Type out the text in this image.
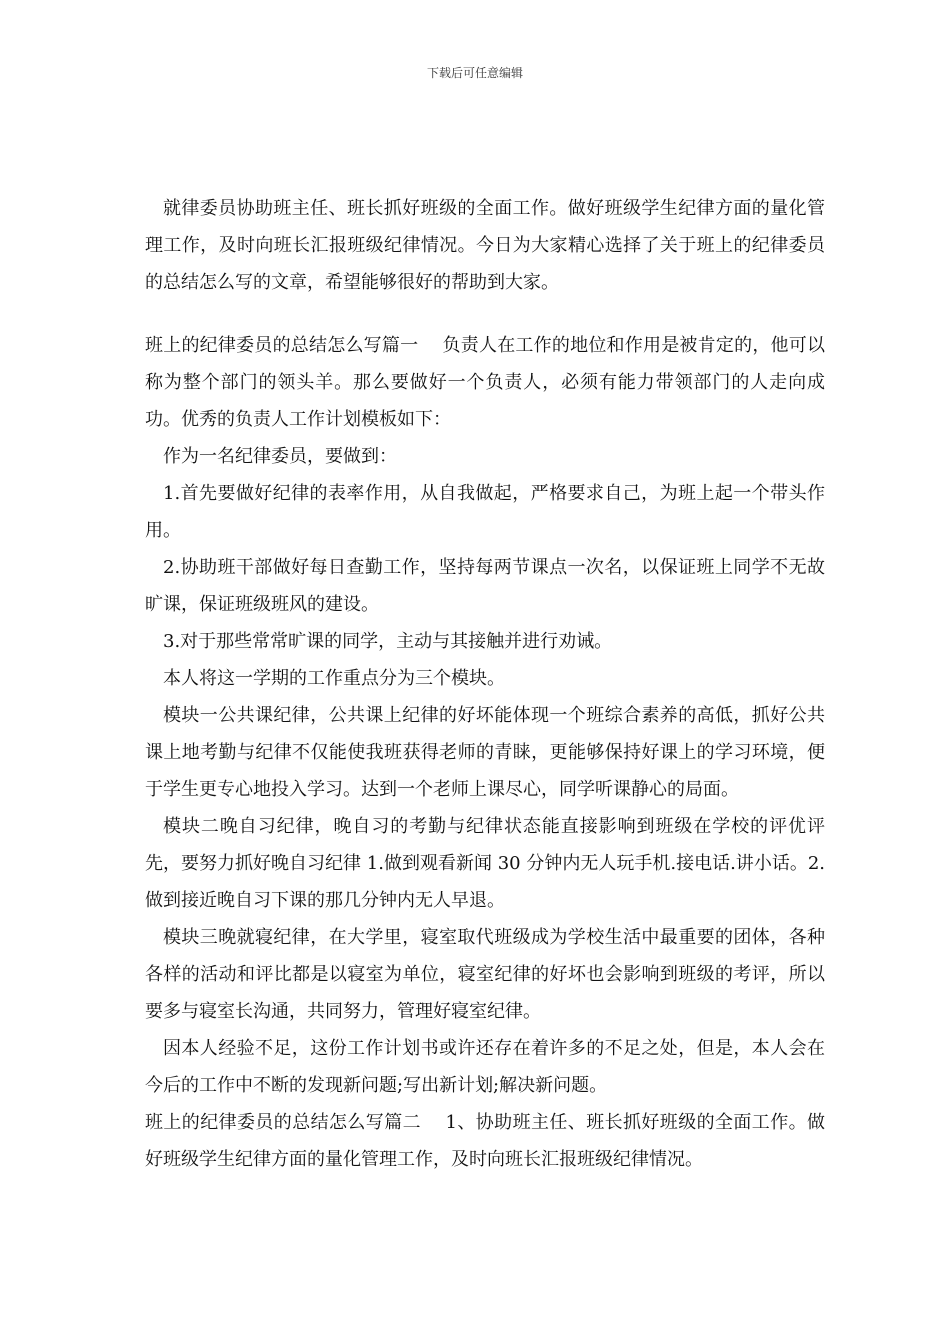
下载后可任意编辑

就律委员协助班主任、班长抓好班级的全面工作。做好班级学生纪律方面的量化管理工作，及时向班长汇报班级纪律情况。今日为大家精心选择了关于班上的纪律委员的总结怎么写的文章，希望能够很好的帮助到大家。

班上的纪律委员的总结怎么写篇一　 负责人在工作的地位和作用是被肯定的，他可以称为整个部门的领头羊。那么要做好一个负责人，必须有能力带领部门的人走向成功。优秀的负责人工作计划模板如下：

作为一名纪律委员，要做到：

1.首先要做好纪律的表率作用，从自我做起，严格要求自己，为班上起一个带头作用。

2.协助班干部做好每日查勤工作，坚持每两节课点一次名，以保证班上同学不无故旷课，保证班级班风的建设。

3.对于那些常常旷课的同学，主动与其接触并进行劝诫。

本人将这一学期的工作重点分为三个模块。

模块一公共课纪律，公共课上纪律的好坏能体现一个班综合素养的高低，抓好公共课上地考勤与纪律不仅能使我班获得老师的青睐，更能够保持好课上的学习环境，便于学生更专心地投入学习。达到一个老师上课尽心，同学听课静心的局面。

模块二晚自习纪律，晚自习的考勤与纪律状态能直接影响到班级在学校的评优评先，要努力抓好晚自习纪律 1.做到观看新闻 30 分钟内无人玩手机.接电话.讲小话。2.做到接近晚自习下课的那几分钟内无人早退。

模块三晚就寝纪律，在大学里，寝室取代班级成为学校生活中最重要的团体，各种各样的活动和评比都是以寝室为单位，寝室纪律的好坏也会影响到班级的考评，所以要多与寝室长沟通，共同努力，管理好寝室纪律。

因本人经验不足，这份工作计划书或许还存在着许多的不足之处，但是，本人会在今后的工作中不断的发现新问题;写出新计划;解决新问题。

班上的纪律委员的总结怎么写篇二　 1、协助班主任、班长抓好班级的全面工作。做好班级学生纪律方面的量化管理工作，及时向班长汇报班级纪律情况。
